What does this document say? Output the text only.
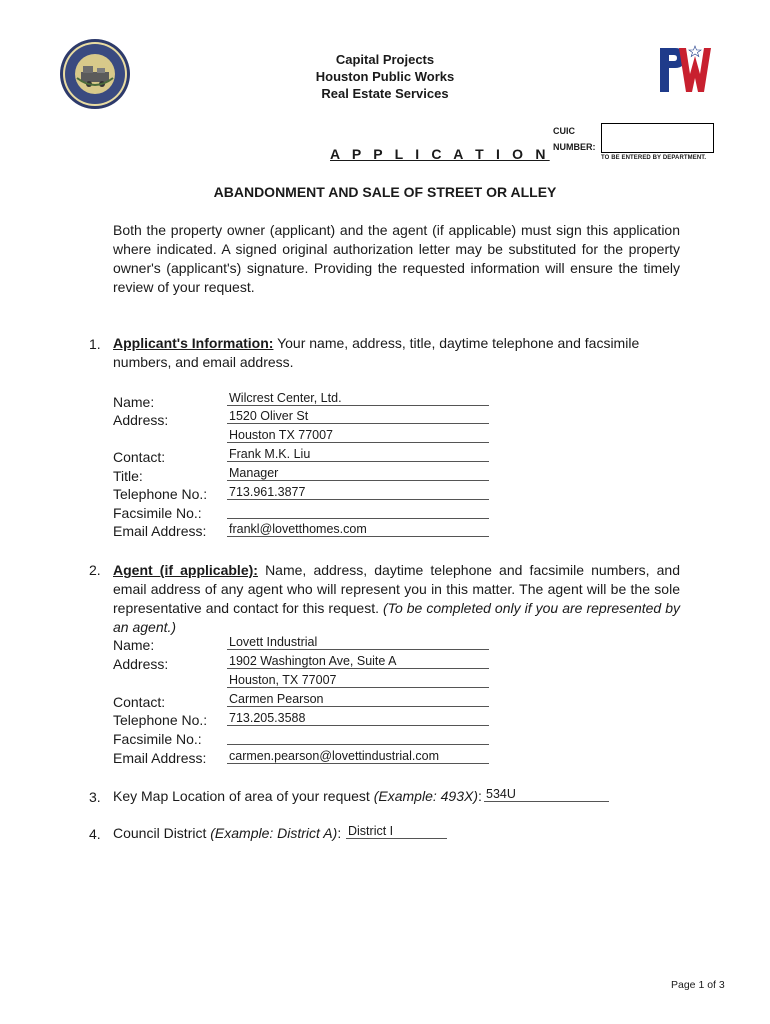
Capital Projects
Houston Public Works
Real Estate Services
CUIC
NUMBER:
TO BE ENTERED BY DEPARTMENT.
A P P L I C A T I O N
ABANDONMENT AND SALE OF STREET OR ALLEY
Both the property owner (applicant) and the agent (if applicable) must sign this application where indicated. A signed original authorization letter may be substituted for the property owner's (applicant's) signature. Providing the requested information will ensure the timely review of your request.
1. Applicant's Information: Your name, address, title, daytime telephone and facsimile numbers, and email address.
Name:
Address:
Contact:
Title:
Telephone No.:
Facsimile No.:
Email Address:
Wilcrest Center, Ltd.
1520 Oliver St
Houston TX 77007
Frank M.K. Liu
Manager
713.961.3877
frankl@lovetthomes.com
2. Agent (if applicable): Name, address, daytime telephone and facsimile numbers, and email address of any agent who will represent you in this matter. The agent will be the sole representative and contact for this request. (To be completed only if you are represented by an agent.)
Name:
Address:
Contact:
Telephone No.:
Facsimile No.:
Email Address:
Lovett Industrial
1902 Washington Ave, Suite A
Houston, TX 77007
Carmen Pearson
713.205.3588
carmen.pearson@lovettindustrial.com
3. Key Map Location of area of your request (Example: 493X): 534U
4. Council District (Example: District A): District I
Page 1 of 3
